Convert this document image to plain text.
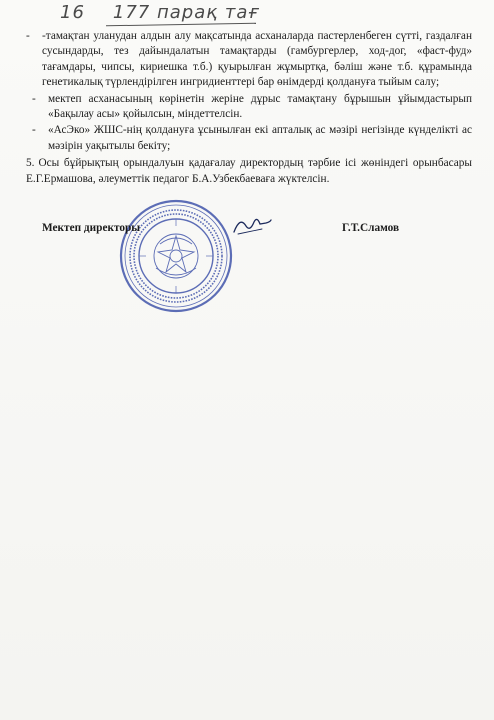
16 177 парақ тағ
- -тамақтан уланудан алдын алу мақсатында асханаларда пастерленбеген сүтті, газдалған сусындарды, тез дайындалатын тамақтарды (гамбургерлер, ход-дог, «фаст-фуд» тағамдары, чипсы, кириешка т.б.) қуырылған жұмыртқа, бәліш және т.б. құрамында генетикалық түрлендірілген ингридиенттері бар өнімдерді қолдануға тыйым салу;

- мектеп асханасының көрінетін жеріне дұрыс тамақтану бұрышын ұйымдастырып «Бақылау асы» қойылсын, міндеттелсін.

- «АсЭко» ЖШС-нің қолдануға ұсынылған екі апталық ас мәзірі негізінде күнделікті ас мәзірін уақытылы бекіту;

5. Осы бұйрықтың орындалуын қадағалау директордың тәрбие ісі жөніндегі орынбасары Е.Г.Ермашова, әлеуметтік педагог Б.А.Узбекбаеваға жүктелсін.
Мектеп директоры	Г.Т.Сламов
